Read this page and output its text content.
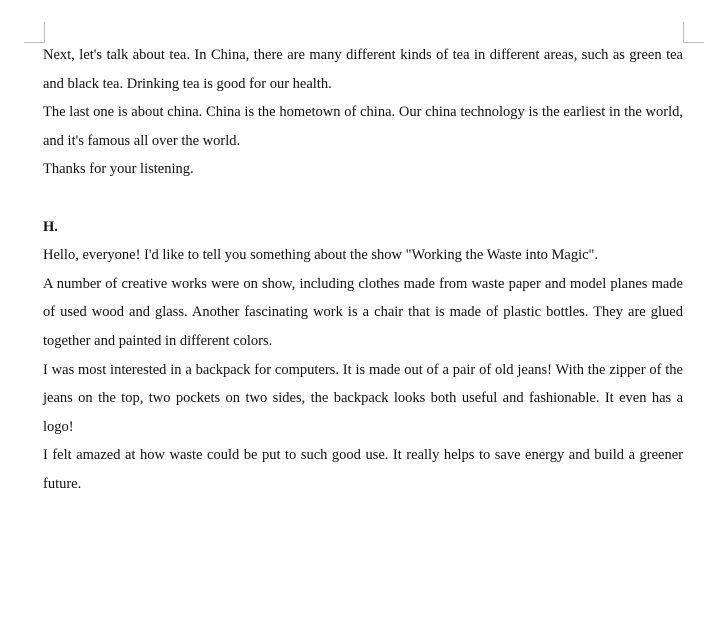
Next, let's talk about tea. In China, there are many different kinds of tea in different areas, such as green tea and black tea. Drinking tea is good for our health.

The last one is about china. China is the hometown of china. Our china technology is the earliest in the world, and it's famous all over the world.

Thanks for your listening.

H.

Hello, everyone! I'd like to tell you something about the show "Working the Waste into Magic".

A number of creative works were on show, including clothes made from waste paper and model planes made of used wood and glass. Another fascinating work is a chair that is made of plastic bottles. They are glued together and painted in different colors.

I was most interested in a backpack for computers. It is made out of a pair of old jeans! With the zipper of the jeans on the top, two pockets on two sides, the backpack looks both useful and fashionable. It even has a logo!

I felt amazed at how waste could be put to such good use. It really helps to save energy and build a greener future.
